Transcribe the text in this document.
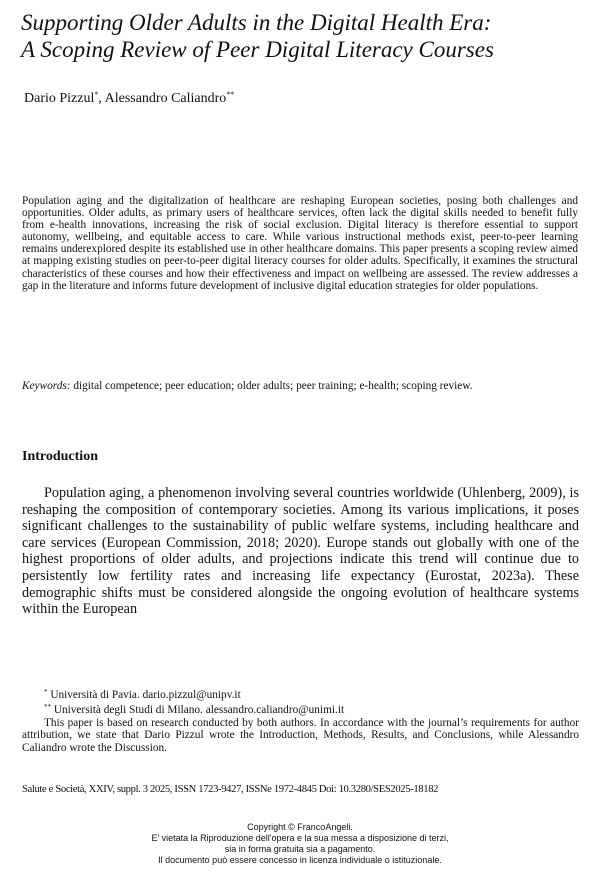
Supporting Older Adults in the Digital Health Era:
A Scoping Review of Peer Digital Literacy Courses
Dario Pizzul*, Alessandro Caliandro**
Population aging and the digitalization of healthcare are reshaping European societies, posing both challenges and opportunities. Older adults, as primary users of healthcare services, often lack the digital skills needed to benefit fully from e-health innovations, increasing the risk of social exclusion. Digital literacy is therefore essential to support autonomy, wellbeing, and equitable access to care. While various instructional methods exist, peer-to-peer learning remains underexplored despite its established use in other healthcare domains. This paper presents a scoping review aimed at mapping existing studies on peer-to-peer digital literacy courses for older adults. Specifically, it examines the structural characteristics of these courses and how their effectiveness and impact on wellbeing are assessed. The review addresses a gap in the literature and informs future development of inclusive digital education strategies for older populations.
Keywords: digital competence; peer education; older adults; peer training; e-health; scoping review.
Introduction
Population aging, a phenomenon involving several countries worldwide (Uhlenberg, 2009), is reshaping the composition of contemporary societies. Among its various implications, it poses significant challenges to the sustainability of public welfare systems, including healthcare and care services (European Commission, 2018; 2020). Europe stands out globally with one of the highest proportions of older adults, and projections indicate this trend will continue due to persistently low fertility rates and increasing life expectancy (Eurostat, 2023a). These demographic shifts must be considered alongside the ongoing evolution of healthcare systems within the European
* Università di Pavia. dario.pizzul@unipv.it
** Università degli Studi di Milano. alessandro.caliandro@unimi.it
This paper is based on research conducted by both authors. In accordance with the journal’s requirements for author attribution, we state that Dario Pizzul wrote the Introduction, Methods, Results, and Conclusions, while Alessandro Caliandro wrote the Discussion.
Salute e Società, XXIV, suppl. 3 2025, ISSN 1723-9427, ISSNe 1972-4845 Doi: 10.3280/SES2025-18182
Copyright © FrancoAngeli.
E' vietata la Riproduzione dell'opera e la sua messa a disposizione di terzi,
sia in forma gratuita sia a pagamento.
Il documento può essere concesso in licenza individuale o istituzionale.
